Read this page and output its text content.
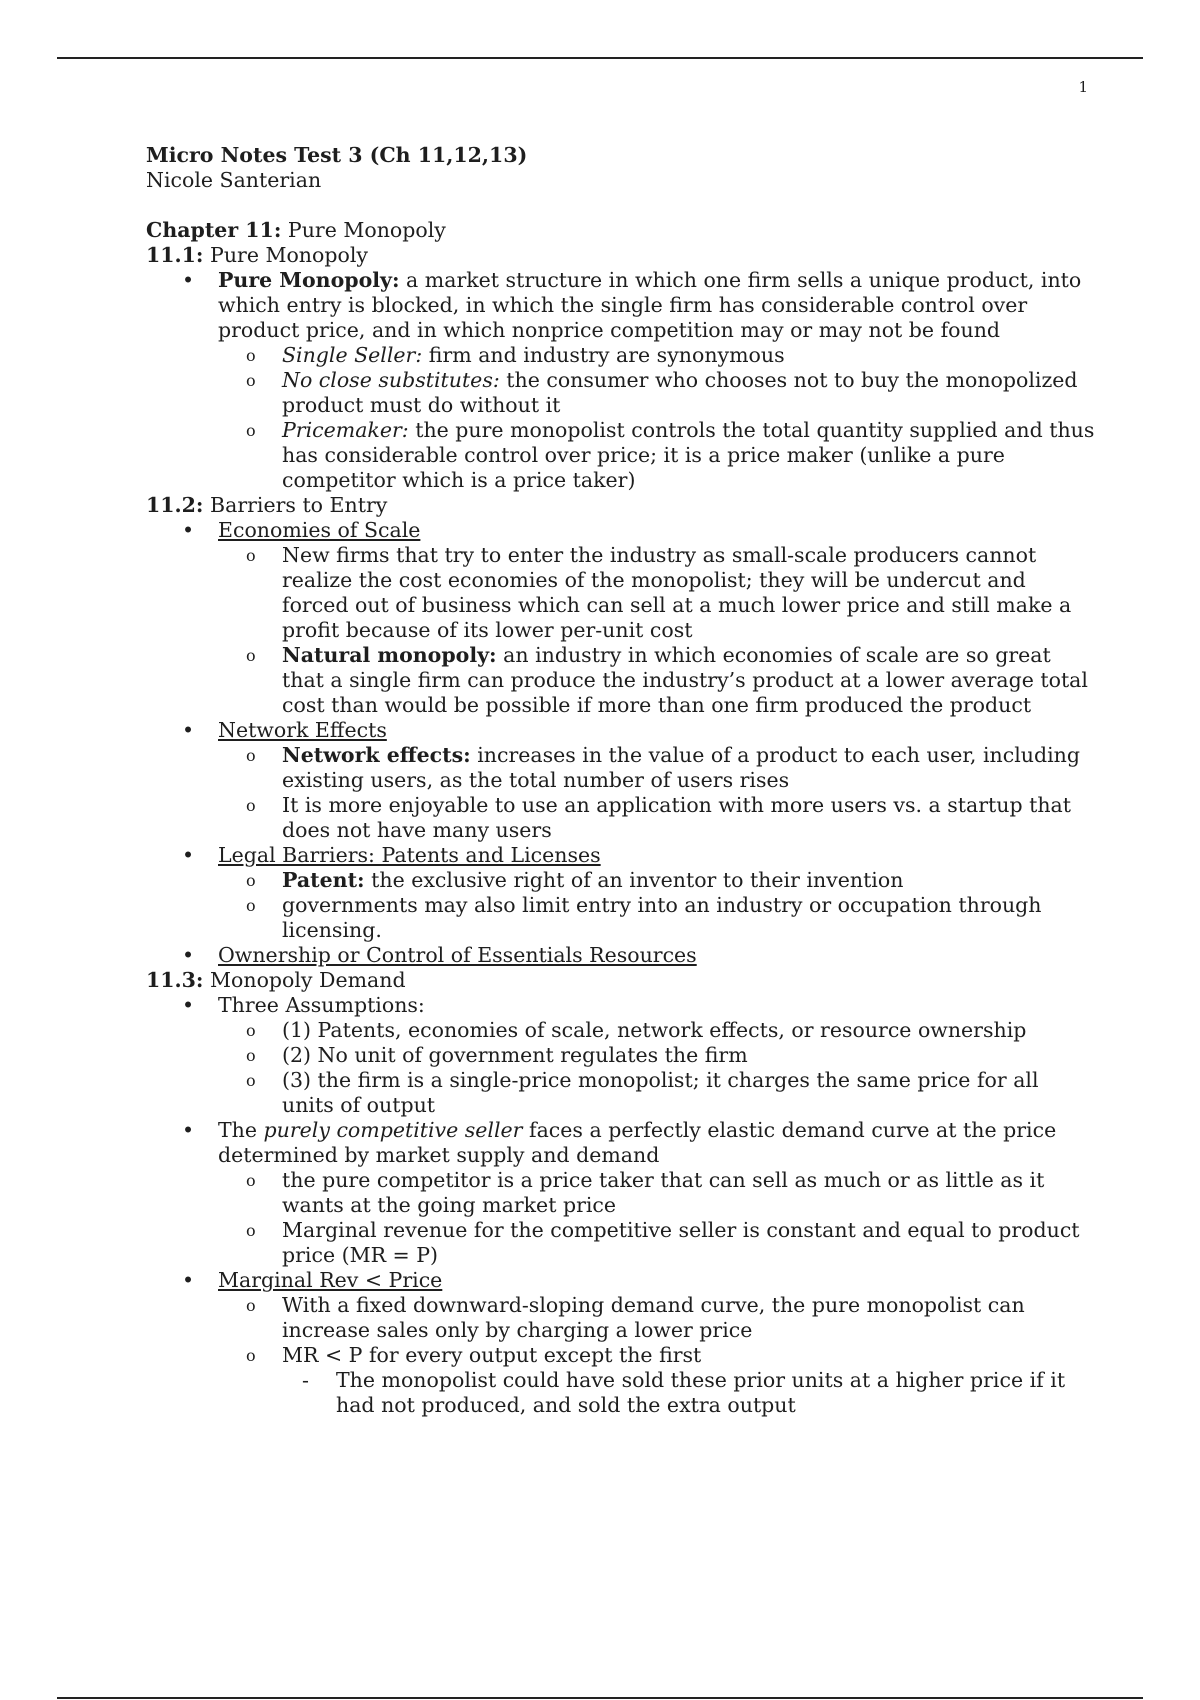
1

Micro Notes Test 3 (Ch 11,12,13)

Nicole Santerian

Chapter 11: Pure Monopoly

11.1: Pure Monopoly

• Pure Monopoly: a market structure in which one firm sells a unique product, into which entry is blocked, in which the single firm has considerable control over product price, and in which nonprice competition may or may not be found
o Single Seller: firm and industry are synonymous
o No close substitutes: the consumer who chooses not to buy the monopolized product must do without it
o Pricemaker: the pure monopolist controls the total quantity supplied and thus has considerable control over price; it is a price maker (unlike a pure competitor which is a price taker)

11.2: Barriers to Entry

• Economies of Scale
o New firms that try to enter the industry as small-scale producers cannot realize the cost economies of the monopolist; they will be undercut and forced out of business which can sell at a much lower price and still make a profit because of its lower per-unit cost
o Natural monopoly: an industry in which economies of scale are so great that a single firm can produce the industry’s product at a lower average total cost than would be possible if more than one firm produced the product
• Network Effects
o Network effects: increases in the value of a product to each user, including existing users, as the total number of users rises
o It is more enjoyable to use an application with more users vs. a startup that does not have many users
• Legal Barriers: Patents and Licenses
o Patent: the exclusive right of an inventor to their invention
o governments may also limit entry into an industry or occupation through licensing.
• Ownership or Control of Essentials Resources

11.3: Monopoly Demand

• Three Assumptions:
o (1) Patents, economies of scale, network effects, or resource ownership
o (2) No unit of government regulates the firm
o (3) the firm is a single-price monopolist; it charges the same price for all units of output
• The purely competitive seller faces a perfectly elastic demand curve at the price determined by market supply and demand
o the pure competitor is a price taker that can sell as much or as little as it wants at the going market price
o Marginal revenue for the competitive seller is constant and equal to product price (MR = P)
• Marginal Rev < Price
o With a fixed downward-sloping demand curve, the pure monopolist can increase sales only by charging a lower price
o MR < P for every output except the first
- The monopolist could have sold these prior units at a higher price if it had not produced, and sold the extra output
